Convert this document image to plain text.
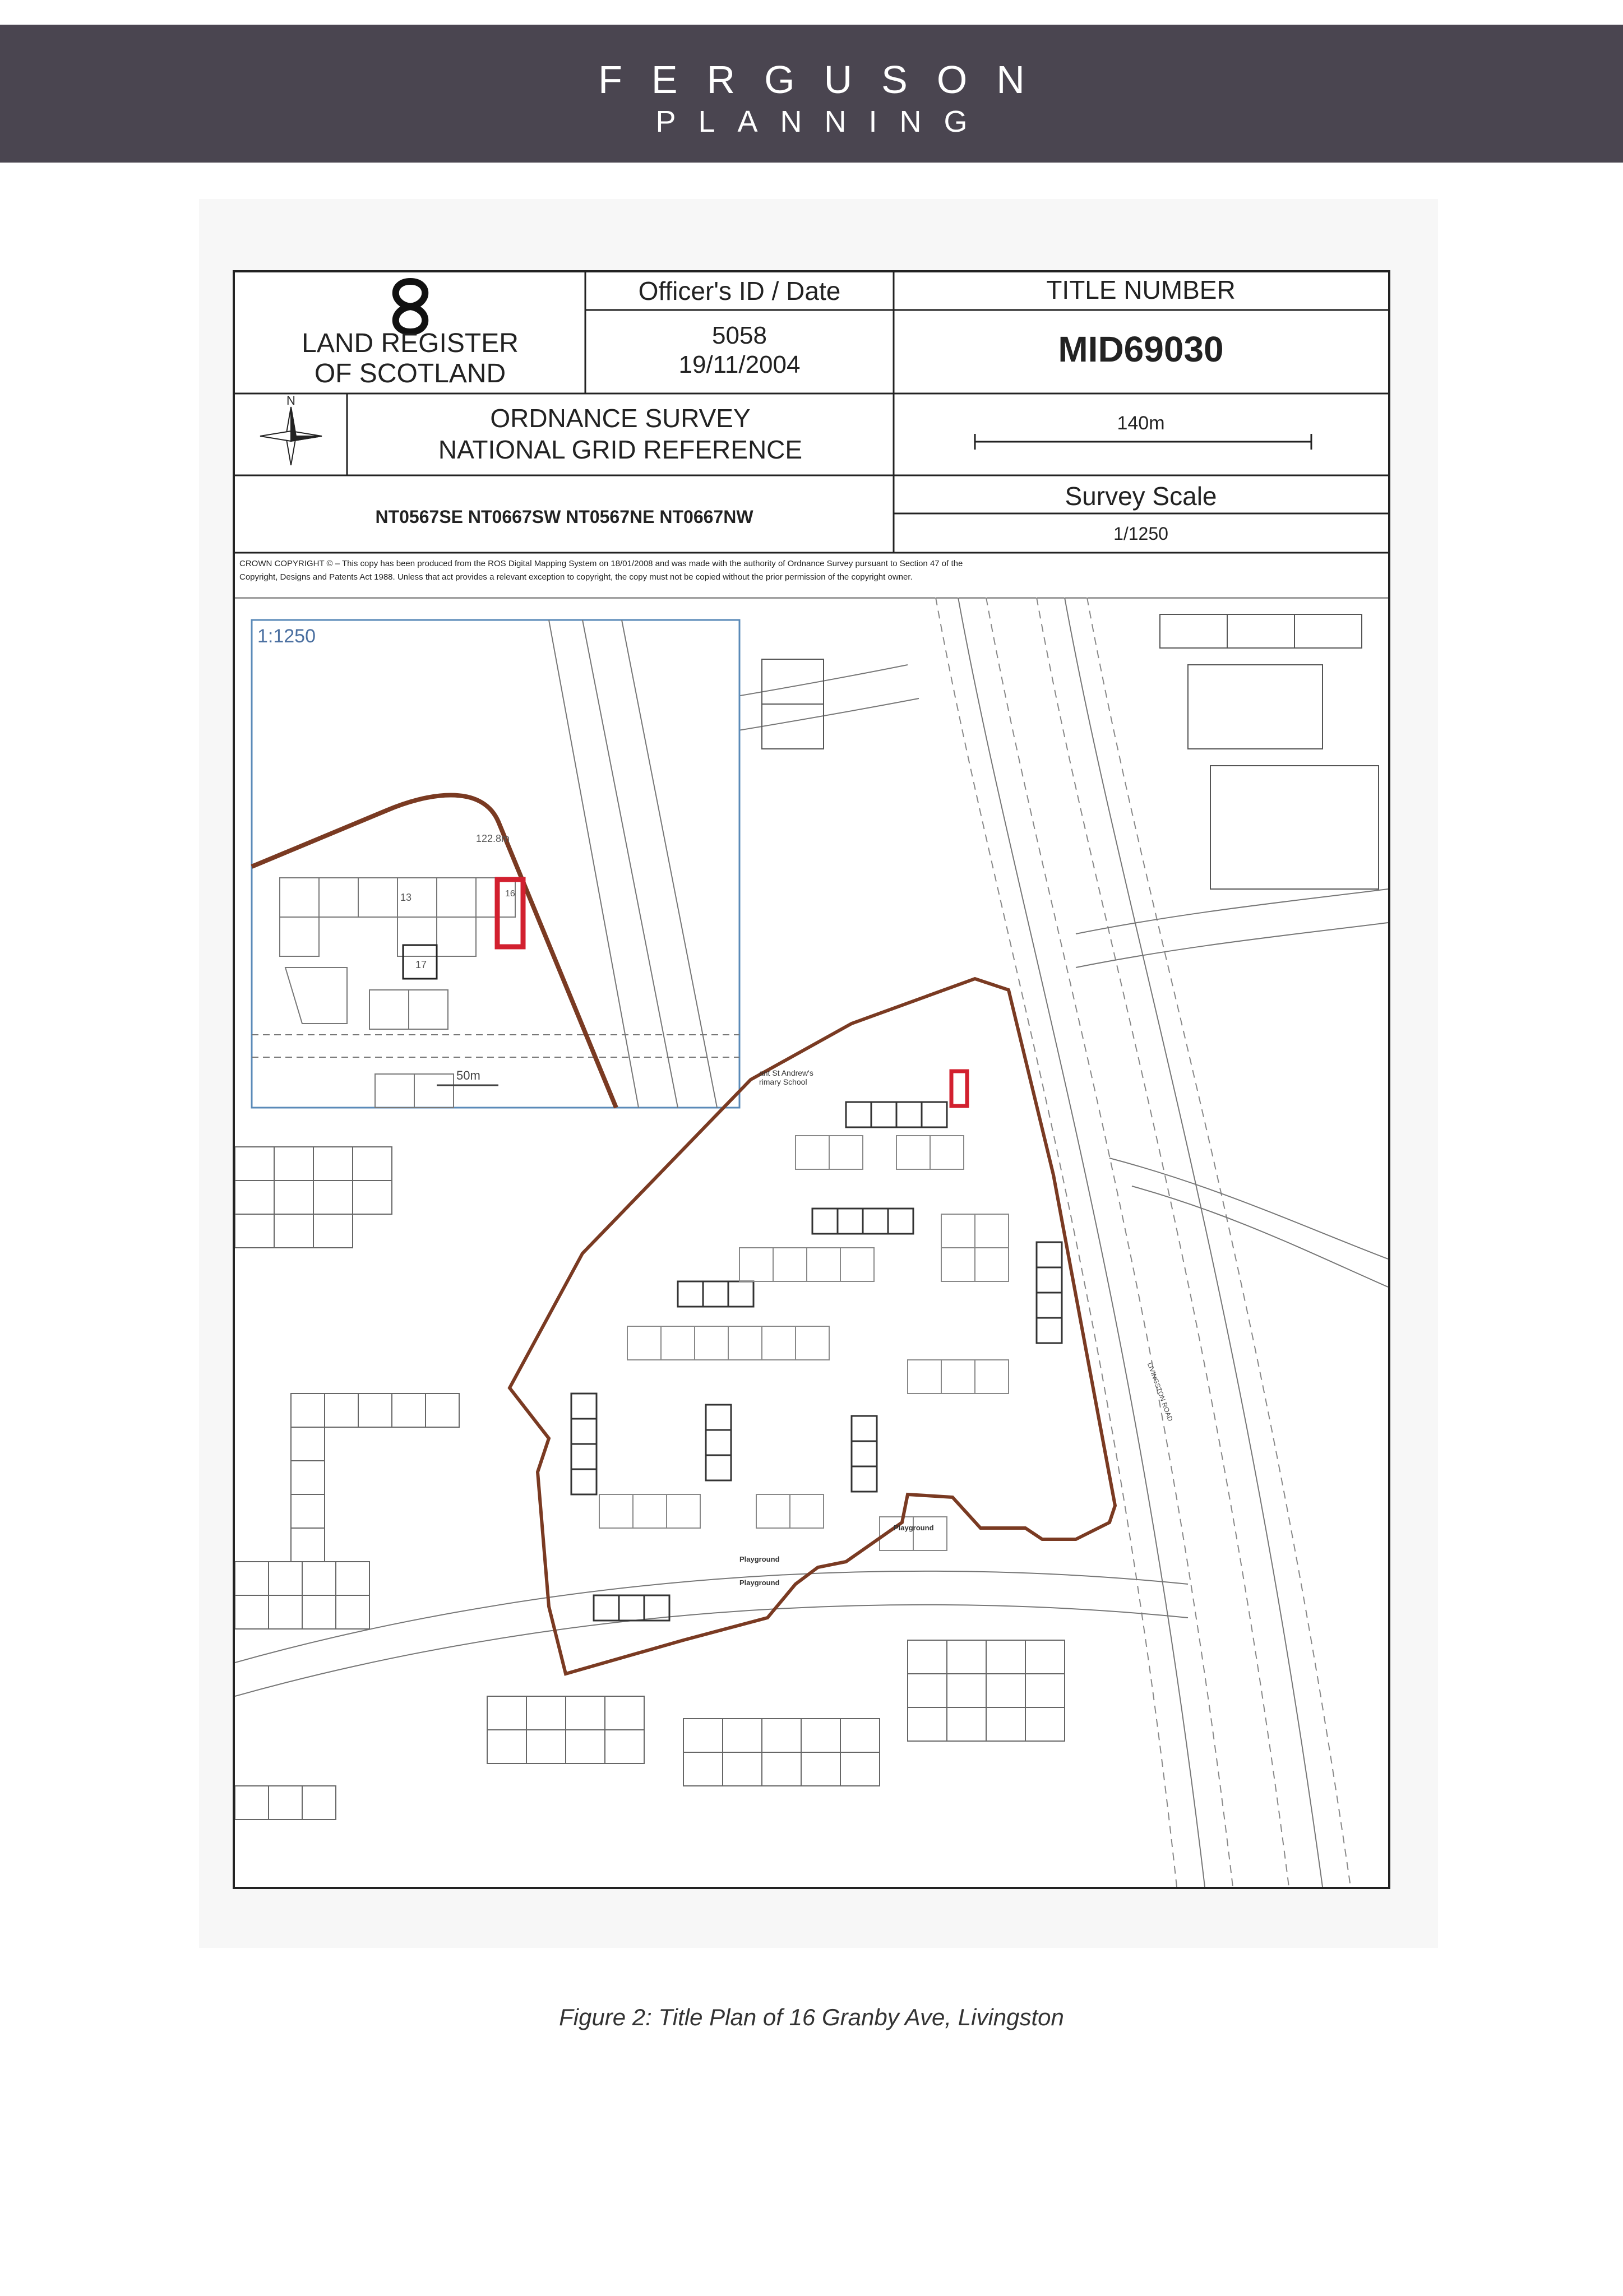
FERGUSON
PLANNING
LAND REGISTER
OF SCOTLAND
Officer's ID / Date
5058
19/11/2004
TITLE NUMBER
MID69030
N
ORDNANCE SURVEY
NATIONAL GRID REFERENCE
140m
NT0567SE NT0667SW NT0567NE NT0667NW
Survey Scale
1/1250
CROWN COPYRIGHT © – This copy has been produced from the ROS Digital Mapping System on 18/01/2008 and was made with the authority of Ordnance Survey pursuant to Section 47 of the
Copyright, Designs and Patents Act 1988. Unless that act provides a relevant exception to copyright, the copy must not be copied without the prior permission of the copyright owner.
1:1250
122.8m
13	16
17
50m	ant St Andrew's
rimary School
Playground
Playground
Playground
LIVINGSTON ROAD
Figure 2: Title Plan of 16 Granby Ave, Livingston
